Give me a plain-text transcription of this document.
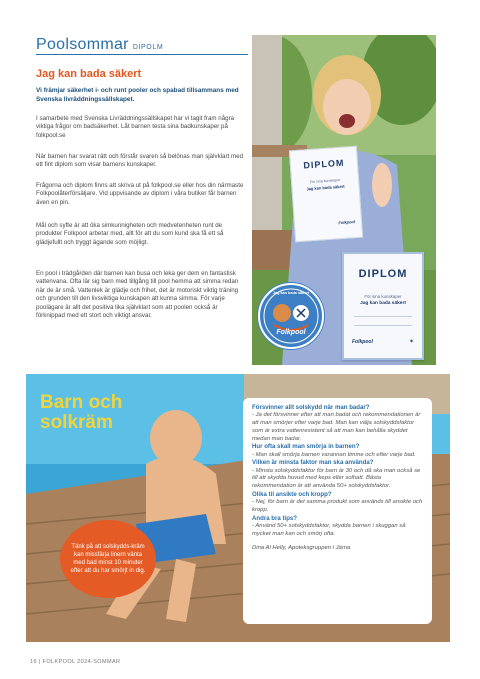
Poolsommar DIPOLM
Jag kan bada säkert
Vi främjar säkerhet i- och runt pooler och spabad tillsammans med Svenska livräddningssällskapet.
I samarbete med Svenska Livräddningssällskapet har vi tagit fram några viktiga frågor om badsäkerhet. Låt barnen testa sina badkunskaper på folkpool.se
När barnen har svarat rätt och förstår svaren så belönas man självklart med ett fint diplom som visar barnens kunskaper.
Frågorna och diplom finns att skriva ut på folkpool.se eller hos din närmaste Folkpoolåterförsäljare. Vid uppvisande av diplom i våra butiker får barnen även en pin.
Mål och syfte är att öka simkunnigheten och medvetenheten runt de produkter Folkpool arbetar med, allt för att du som kund ska få ett så glädjefullt och tryggt ägande som möjligt.
En pool i trädgården där barnen kan busa och leka ger dem en fantastisk vattenvana. Ofta lär sig barn med tillgång till pool hemma att simma redan när de är små. Vattenlek är glädje och frihet, det är motoriskt viktig träning och grunden till den livsviktiga kunskapen att kunna simma. För varje poolägare är allt det positiva lika självklart som att poolen också är förknippad med ett stort och viktigt ansvar.
DIPLOM
För sina kunskaper
Jag kan bada säkert
Folkpool
DIPLOM
För sina kunskaper
Jag kan bada säkert
Folkpool	✶
Jag kan bada säkert
Folkpool
Barn och
solkräm
Tänk på att solskydds-kräm kan missfärja linern vänta med bad minst 10 minuter efter att du har smörjt in dig.
Försvinner allt solskydd när man badar?
- Ja det försvinner efter att man badat och rekommendationen är att man smörjer efter varje bad. Man kan välja solskyddsfaktor som är extra vattenresistent så att man kan behålla skyddet medan man badar.
Hur ofta skall man smörja in barnen?
- Man skall smörja barnen varannan timme och efter varje bad.
Vilken är minsta faktor man ska använda?
- Minsta solskyddsfaktor för barn är 30 och då ska man också se till att skydda huvud med keps eller solhatt. Bästa rekommendation är att använda 50+ solskyddsfaktor.
Olika til ansikte och kropp?
- Nej, för barn är det samma produkt som används till ansikte och kropp.
Andra bra tips?
- Använd 50+ solskyddsfaktor, skydda barnen i skuggan så mycket man kan och smörj ofta.
Dina Al Helly, Apoteksgruppen i Järna
16 | FOLKPOOL 2024-SOMMAR
